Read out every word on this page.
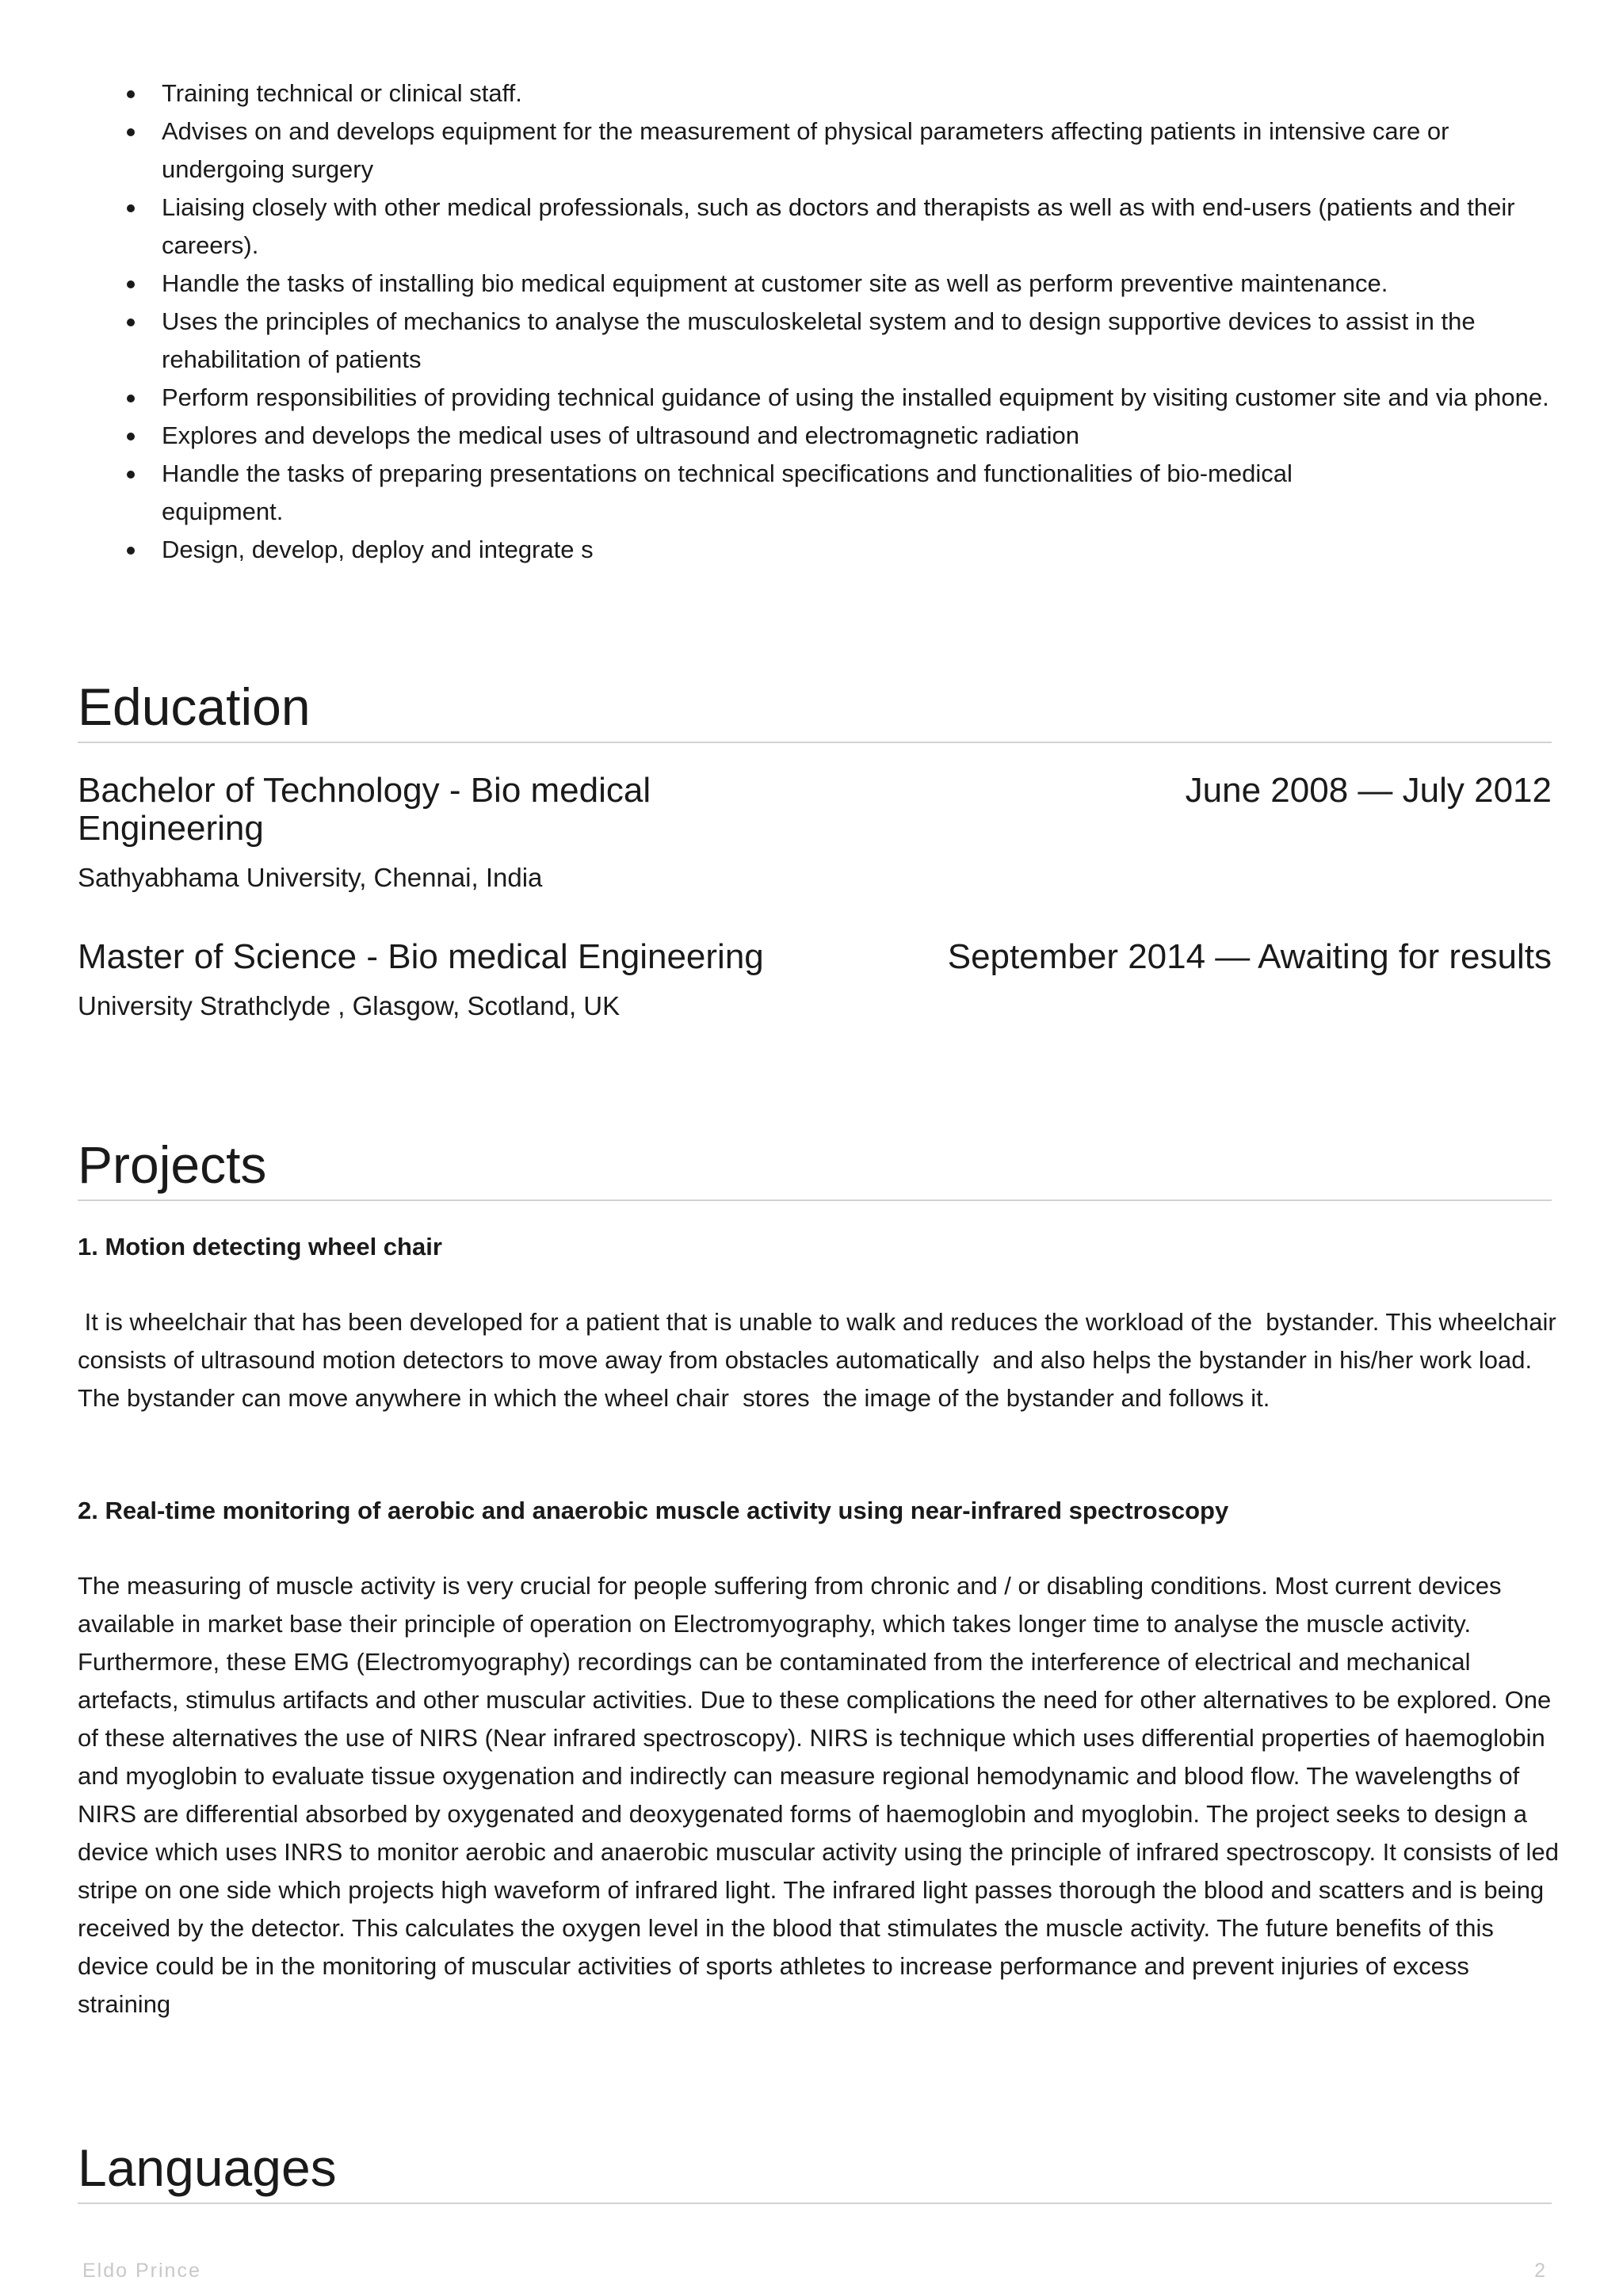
Training technical or clinical staff.
Advises on and develops equipment for the measurement of physical parameters affecting patients in intensive care or undergoing surgery
Liaising closely with other medical professionals, such as doctors and therapists as well as with end-users (patients and their careers).
Handle the tasks of installing bio medical equipment at customer site as well as perform preventive maintenance.
Uses the principles of mechanics to analyse the musculoskeletal system and to design supportive devices to assist in the rehabilitation of patients
Perform responsibilities of providing technical guidance of using the installed equipment by visiting customer site and via phone.
Explores and develops the medical uses of ultrasound and electromagnetic radiation
Handle the tasks of preparing presentations on technical specifications and functionalities of bio-medical equipment.
Design, develop, deploy and integrate s
Education
Bachelor of Technology - Bio medical Engineering
June 2008 — July 2012
Sathyabhama University, Chennai, India
Master of Science - Bio medical Engineering	September 2014 — Awaiting for results
University Strathclyde , Glasgow, Scotland, UK
Projects
1. Motion detecting wheel chair
It is wheelchair that has been developed for a patient that is unable to walk and reduces the workload of the  bystander. This wheelchair consists of ultrasound motion detectors to move away from obstacles automatically  and also helps the bystander in his/her work load. The bystander can move anywhere in which the wheel chair  stores  the image of the bystander and follows it.
2. Real-time monitoring of aerobic and anaerobic muscle activity using near-infrared spectroscopy
The measuring of muscle activity is very crucial for people suffering from chronic and / or disabling conditions. Most current devices available in market base their principle of operation on Electromyography, which takes longer time to analyse the muscle activity. Furthermore, these EMG (Electromyography) recordings can be contaminated from the interference of electrical and mechanical artefacts, stimulus artifacts and other muscular activities. Due to these complications the need for other alternatives to be explored. One of these alternatives the use of NIRS (Near infrared spectroscopy). NIRS is technique which uses differential properties of haemoglobin and myoglobin to evaluate tissue oxygenation and indirectly can measure regional hemodynamic and blood flow. The wavelengths of NIRS are differential absorbed by oxygenated and deoxygenated forms of haemoglobin and myoglobin. The project seeks to design a device which uses INRS to monitor aerobic and anaerobic muscular activity using the principle of infrared spectroscopy. It consists of led stripe on one side which projects high waveform of infrared light. The infrared light passes thorough the blood and scatters and is being received by the detector. This calculates the oxygen level in the blood that stimulates the muscle activity. The future benefits of this device could be in the monitoring of muscular activities of sports athletes to increase performance and prevent injuries of excess straining
Languages
Eldo Prince	2
